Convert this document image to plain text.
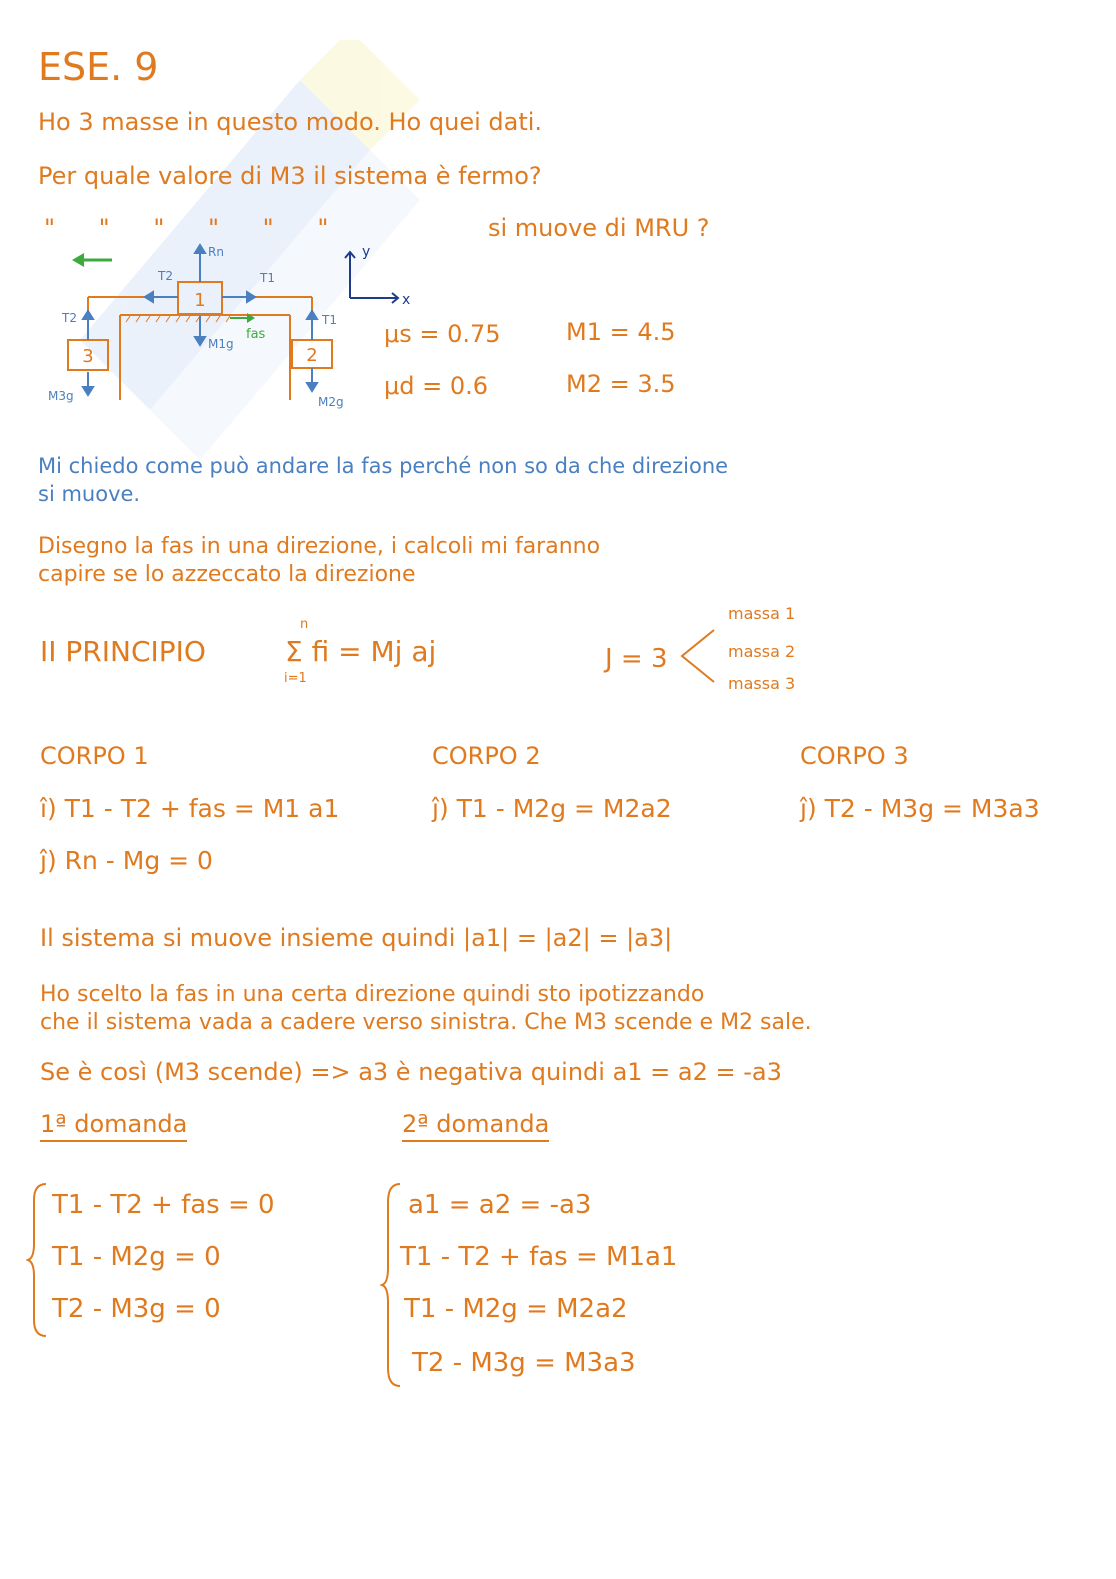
ESE. 9
Ho 3 masse in questo modo. Ho quei dati.
Per quale valore di M3 il sistema è fermo?
" " " " " "	si muove di MRU ?
1
3	2
Rn
T2	T1
T2	T1
M1g
M3g	M2g
fas
y
x
μs = 0.75	M1 = 4.5
μd = 0.6	M2 = 3.5
Mi chiedo come può andare la fas perché non so da che direzione
si muove.
Disegno la fas in una direzione, i calcoli mi faranno
capire se lo azzeccato la direzione
II PRINCIPIO
n
Σ fi = Mj aj
i=1
J = 3
massa 1
massa 2
massa 3
CORPO 1
î) T1 - T2 + fas = M1 a1
ĵ) Rn - Mg = 0
CORPO 2
ĵ) T1 - M2g = M2a2
CORPO 3
ĵ) T2 - M3g = M3a3
Il sistema si muove insieme quindi |a1| = |a2| = |a3|
Ho scelto la fas in una certa direzione quindi sto ipotizzando
che il sistema vada a cadere verso sinistra. Che M3 scende e M2 sale.
Se è così (M3 scende) => a3 è negativa quindi a1 = a2 = -a3
1ª domanda	2ª domanda
T1 - T2 + fas = 0
T1 - M2g = 0
T2 - M3g = 0
a1 = a2 = -a3
T1 - T2 + fas = M1a1
T1 - M2g = M2a2
T2 - M3g = M3a3
